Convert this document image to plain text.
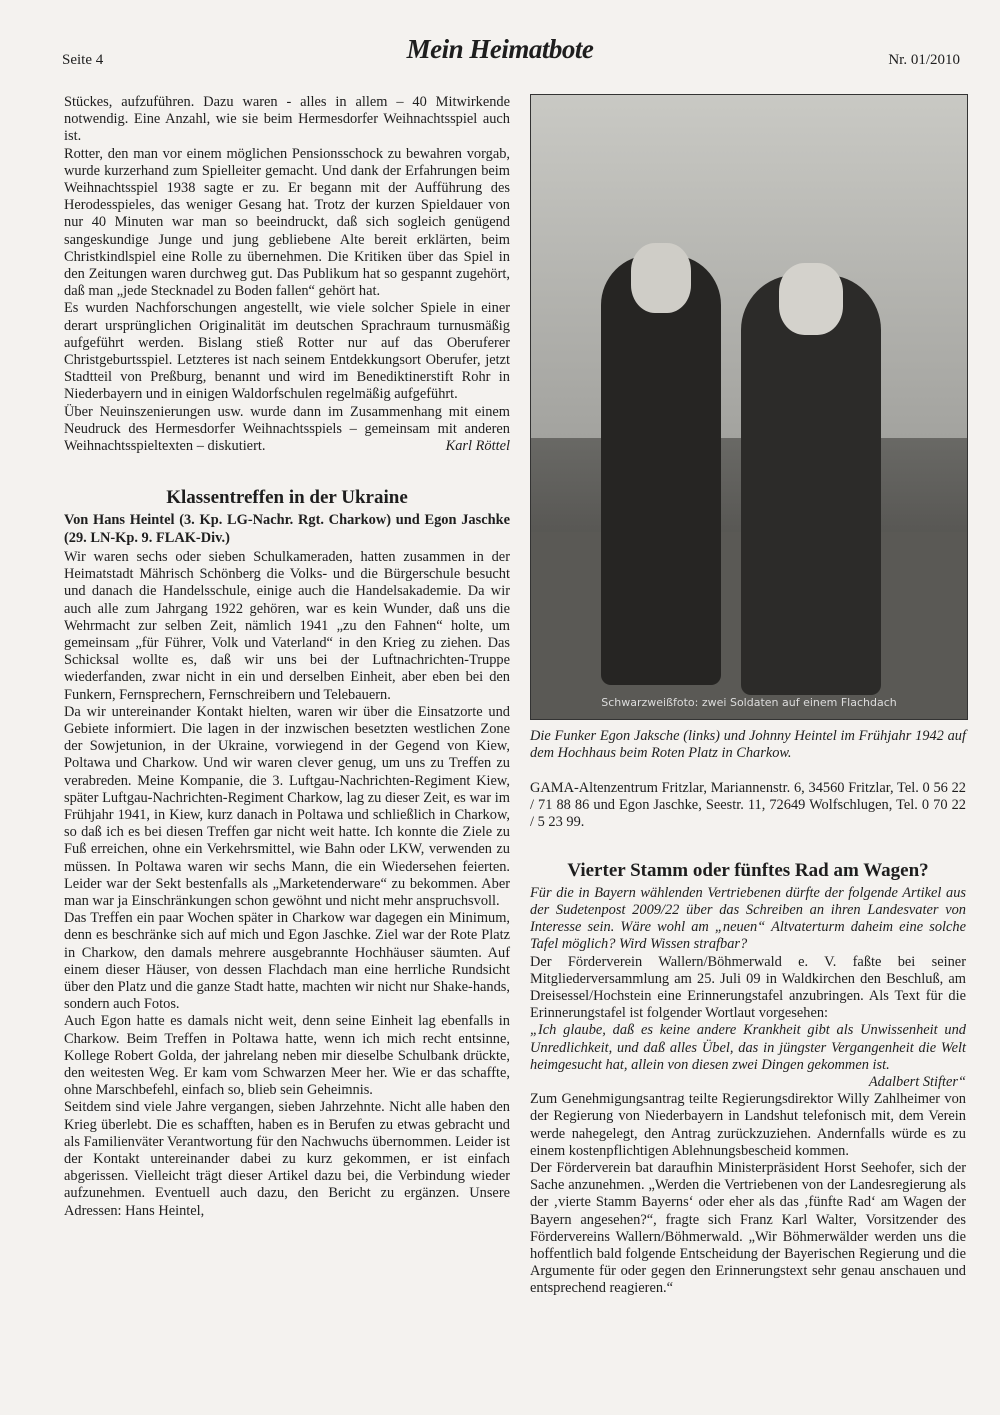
Seite 4	Mein Heimatbote	Nr. 01/2010

Stückes, aufzuführen. Dazu waren - alles in allem – 40 Mitwirkende notwendig. Eine Anzahl, wie sie beim Hermesdorfer Weihnachtsspiel auch ist.

Rotter, den man vor einem möglichen Pensionsschock zu bewahren vorgab, wurde kurzerhand zum Spielleiter gemacht. Und dank der Erfahrungen beim Weihnachtsspiel 1938 sagte er zu. Er begann mit der Aufführung des Herodesspieles, das weniger Gesang hat. Trotz der kurzen Spieldauer von nur 40 Minuten war man so beeindruckt, daß sich sogleich genügend sangeskundige Junge und jung gebliebene Alte bereit erklärten, beim Christkindlspiel eine Rolle zu übernehmen. Die Kritiken über das Spiel in den Zeitungen waren durchweg gut. Das Publikum hat so gespannt zugehört, daß man „jede Stecknadel zu Boden fallen“ gehört hat.

Es wurden Nachforschungen angestellt, wie viele solcher Spiele in einer derart ursprünglichen Originalität im deutschen Sprachraum turnusmäßig aufgeführt werden. Bislang stieß Rotter nur auf das Oberuferer Christgeburtsspiel. Letzteres ist nach seinem Entdekkungsort Oberufer, jetzt Stadtteil von Preßburg, benannt und wird im Benediktinerstift Rohr in Niederbayern und in einigen Waldorfschulen regelmäßig aufgeführt.

Über Neuinszenierungen usw. wurde dann im Zusammenhang mit einem Neudruck des Hermesdorfer Weihnachtsspiels – gemeinsam mit anderen Weihnachtsspieltexten – diskutiert.	Karl Röttel

Klassentreffen in der Ukraine

Von Hans Heintel (3. Kp. LG-Nachr. Rgt. Charkow) und Egon Jaschke (29. LN-Kp. 9. FLAK-Div.)

Wir waren sechs oder sieben Schulkameraden, hatten zusammen in der Heimatstadt Mährisch Schönberg die Volks- und die Bürgerschule besucht und danach die Handelsschule, einige auch die Handelsakademie. Da wir auch alle zum Jahrgang 1922 gehören, war es kein Wunder, daß uns die Wehrmacht zur selben Zeit, nämlich 1941 „zu den Fahnen“ holte, um gemeinsam „für Führer, Volk und Vaterland“ in den Krieg zu ziehen. Das Schicksal wollte es, daß wir uns bei der Luftnachrichten-Truppe wiederfanden, zwar nicht in ein und derselben Einheit, aber eben bei den Funkern, Fernsprechern, Fernschreibern und Telebauern.

Da wir untereinander Kontakt hielten, waren wir über die Einsatzorte und Gebiete informiert. Die lagen in der inzwischen besetzten westlichen Zone der Sowjetunion, in der Ukraine, vorwiegend in der Gegend von Kiew, Poltawa und Charkow. Und wir waren clever genug, um uns zu Treffen zu verabreden. Meine Kompanie, die 3. Luftgau-Nachrichten-Regiment Kiew, später Luftgau-Nachrichten-Regiment Charkow, lag zu dieser Zeit, es war im Frühjahr 1941, in Kiew, kurz danach in Poltawa und schließlich in Charkow, so daß ich es bei diesen Treffen gar nicht weit hatte. Ich konnte die Ziele zu Fuß erreichen, ohne ein Verkehrsmittel, wie Bahn oder LKW, verwenden zu müssen. In Poltawa waren wir sechs Mann, die ein Wiedersehen feierten. Leider war der Sekt bestenfalls als „Marketenderware“ zu bekommen. Aber man war ja Einschränkungen schon gewöhnt und nicht mehr anspruchsvoll.

Das Treffen ein paar Wochen später in Charkow war dagegen ein Minimum, denn es beschränke sich auf mich und Egon Jaschke. Ziel war der Rote Platz in Charkow, den damals mehrere ausgebrannte Hochhäuser säumten. Auf einem dieser Häuser, von dessen Flachdach man eine herrliche Rundsicht über den Platz und die ganze Stadt hatte, machten wir nicht nur Shake-hands, sondern auch Fotos.

Auch Egon hatte es damals nicht weit, denn seine Einheit lag ebenfalls in Charkow. Beim Treffen in Poltawa hatte, wenn ich mich recht entsinne, Kollege Robert Golda, der jahrelang neben mir dieselbe Schulbank drückte, den weitesten Weg. Er kam vom Schwarzen Meer her. Wie er das schaffte, ohne Marschbefehl, einfach so, blieb sein Geheimnis.

Seitdem sind viele Jahre vergangen, sieben Jahrzehnte. Nicht alle haben den Krieg überlebt. Die es schafften, haben es in Berufen zu etwas gebracht und als Familienväter Verantwortung für den Nachwuchs übernommen. Leider ist der Kontakt untereinander dabei zu kurz gekommen, er ist einfach abgerissen. Vielleicht trägt dieser Artikel dazu bei, die Verbindung wieder aufzunehmen. Eventuell auch dazu, den Bericht zu ergänzen. Unsere Adressen: Hans Heintel,

Schwarzweißfoto: zwei Soldaten auf einem Flachdach

Die Funker Egon Jaksche (links) und Johnny Heintel im Frühjahr 1942 auf dem Hochhaus beim Roten Platz in Charkow.

GAMA-Altenzentrum Fritzlar, Mariannenstr. 6, 34560 Fritzlar, Tel. 0 56 22 / 71 88 86 und Egon Jaschke, Seestr. 11, 72649 Wolfschlugen, Tel. 0 70 22 / 5 23 99.

Vierter Stamm oder fünftes Rad am Wagen?

Für die in Bayern wählenden Vertriebenen dürfte der folgende Artikel aus der Sudetenpost 2009/22 über das Schreiben an ihren Landesvater von Interesse sein. Wäre wohl am „neuen“ Altvaterturm daheim eine solche Tafel möglich? Wird Wissen strafbar?

Der Förderverein Wallern/Böhmerwald e. V. faßte bei seiner Mitgliederversammlung am 25. Juli 09 in Waldkirchen den Beschluß, am Dreisessel/Hochstein eine Erinnerungstafel anzubringen. Als Text für die Erinnerungstafel ist folgender Wortlaut vorgesehen:

„Ich glaube, daß es keine andere Krankheit gibt als Unwissenheit und Unredlichkeit, und daß alles Übel, das in jüngster Vergangenheit die Welt heimgesucht hat, allein von diesen zwei Dingen gekommen ist.

Adalbert Stifter“

Zum Genehmigungsantrag teilte Regierungsdirektor Willy Zahlheimer von der Regierung von Niederbayern in Landshut telefonisch mit, dem Verein werde nahegelegt, den Antrag zurückzuziehen. Andernfalls würde es zu einem kostenpflichtigen Ablehnungsbescheid kommen.

Der Förderverein bat daraufhin Ministerpräsident Horst Seehofer, sich der Sache anzunehmen. „Werden die Vertriebenen von der Landesregierung als der ‚vierte Stamm Bayerns‘ oder eher als das ‚fünfte Rad‘ am Wagen der Bayern angesehen?“, fragte sich Franz Karl Walter, Vorsitzender des Fördervereins Wallern/Böhmerwald. „Wir Böhmerwälder werden uns die hoffentlich bald folgende Entscheidung der Bayerischen Regierung und die Argumente für oder gegen den Erinnerungstext sehr genau anschauen und entsprechend reagieren.“
